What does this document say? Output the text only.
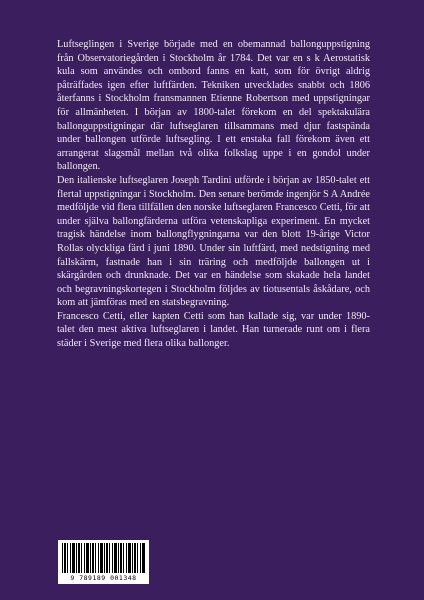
Luftseglingen i Sverige började med en obemannad ballonguppstigning från Observatoriegården i Stockholm år 1784. Det var en s k Aerostatisk kula som användes och ombord fanns en katt, som för övrigt aldrig påträffades igen efter luftfärden. Tekniken utvecklades snabbt och 1806 återfanns i Stockholm fransmannen Etienne Robertson med uppstigningar för allmänheten. I början av 1800-talet förekom en del spektakulära ballonguppstigningar där luftseglaren tillsammans med djur fastspända under ballongen utförde luftsegling. I ett enstaka fall förekom även ett arrangerat slagsmål mellan två olika folkslag uppe i en gondol under ballongen.

Den italienske luftseglaren Joseph Tardini utförde i början av 1850-talet ett flertal uppstigningar i Stockholm. Den senare berömde ingenjör S A Andrée medföljde vid flera tillfällen den norske luftseglaren Francesco Cetti, för att under själva ballongfärderna utföra vetenskapliga experiment. En mycket tragisk händelse inom ballongflygningarna var den blott 19-årige Victor Rollas olyckliga färd i juni 1890. Under sin luftfärd, med nedstigning med fallskärm, fastnade han i sin träring och medföljde ballongen ut i skärgården och drunknade. Det var en händelse som skakade hela landet och begravningskortegen i Stockholm följdes av tiotusentals åskådare, och kom att jämföras med en statsbegravning.

Francesco Cetti, eller kapten Cetti som han kallade sig, var under 1890-talet den mest aktiva luftseglaren i landet. Han turnerade runt om i flera städer i Sverige med flera olika ballonger.

9 789189 001348
